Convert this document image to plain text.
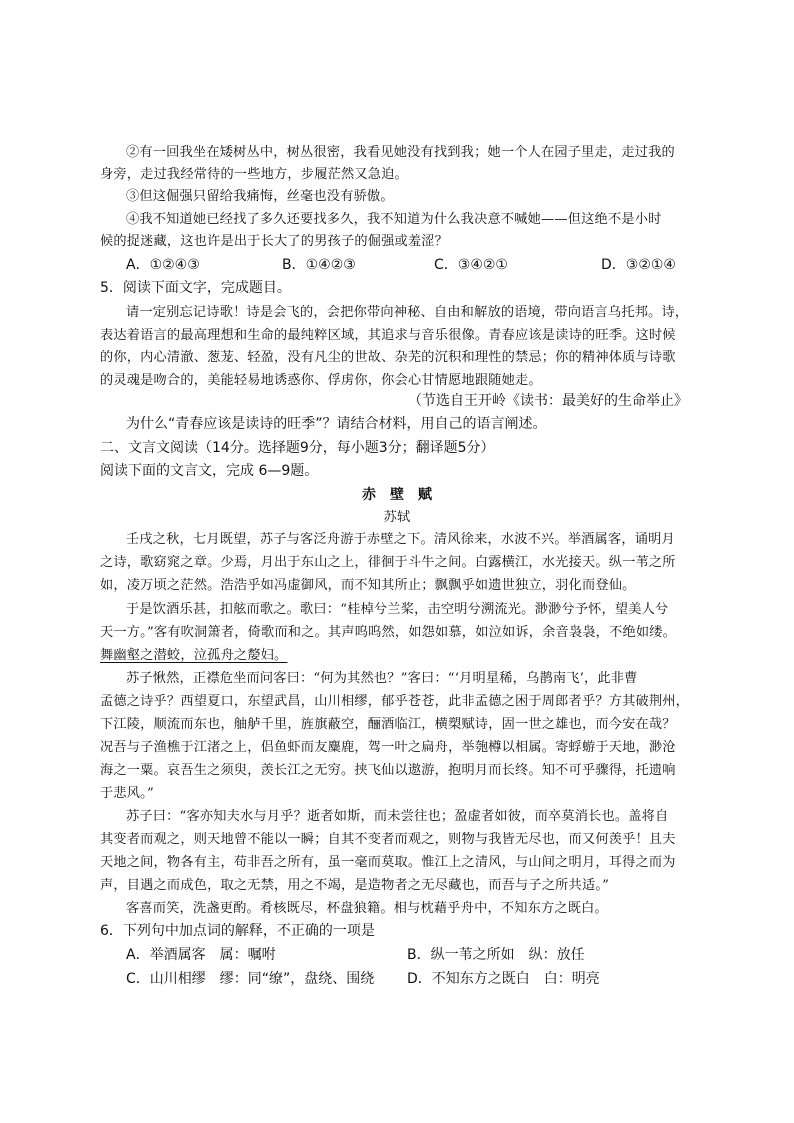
②有一回我坐在矮树丛中，树丛很密，我看见她没有找到我；她一个人在园子里走，走过我的
身旁，走过我经常待的一些地方，步履茫然又急迫。
③但这倔强只留给我痛悔，丝毫也没有骄傲。
④我不知道她已经找了多久还要找多久，我不知道为什么我决意不喊她——但这绝不是小时
候的捉迷藏，这也许是出于长大了的男孩子的倔强或羞涩？
A．①②④③	B．①④②③	C．③④②①	D．③②①④
5．阅读下面文字，完成题目。
请一定别忘记诗歌！诗是会飞的，会把你带向神秘、自由和解放的语境，带向语言乌托邦。诗，
表达着语言的最高理想和生命的最纯粹区域，其追求与音乐很像。青春应该是读诗的旺季。这时候
的你，内心清澈、葱茏、轻盈，没有凡尘的世故、杂芜的沉积和理性的禁忌；你的精神体质与诗歌
的灵魂是吻合的，美能轻易地诱惑你、俘虏你，你会心甘情愿地跟随她走。
（节选自王开岭《读书：最美好的生命举止》
为什么“青春应该是读诗的旺季”？请结合材料，用自己的语言阐述。
二、文言文阅读（14分。选择题9分，每小题3分；翻译题5分）
阅读下面的文言文，完成 6—9题。
赤　壁　赋
苏轼
壬戌之秋，七月既望，苏子与客泛舟游于赤壁之下。清风徐来，水波不兴。举酒属客，诵明月
之诗，歌窈窕之章。少焉，月出于东山之上，徘徊于斗牛之间。白露横江，水光接天。纵一苇之所
如，凌万顷之茫然。浩浩乎如冯虚御风，而不知其所止；飘飘乎如遗世独立，羽化而登仙。
于是饮酒乐甚，扣舷而歌之。歌曰：“桂棹兮兰桨，击空明兮溯流光。渺渺兮予怀，望美人兮
天一方。”客有吹洞箫者，倚歌而和之。其声呜呜然，如怨如慕，如泣如诉，余音袅袅，不绝如缕。
舞幽壑之潜蛟，泣孤舟之嫠妇。
苏子愀然，正襟危坐而问客曰：“何为其然也？”客曰：“‘月明星稀，乌鹊南飞’，此非曹
孟德之诗乎？西望夏口，东望武昌，山川相缪，郁乎苍苍，此非孟德之困于周郎者乎？方其破荆州，
下江陵，顺流而东也，舳舻千里，旌旗蔽空，酾酒临江，横槊赋诗，固一世之雄也，而今安在哉？
况吾与子渔樵于江渚之上，侣鱼虾而友麋鹿，驾一叶之扁舟，举匏樽以相属。寄蜉蝣于天地，渺沧
海之一粟。哀吾生之须臾，羡长江之无穷。挟飞仙以遨游，抱明月而长终。知不可乎骤得，托遗响
于悲风。”
苏子曰：“客亦知夫水与月乎？逝者如斯，而未尝往也；盈虚者如彼，而卒莫消长也。盖将自
其变者而观之，则天地曾不能以一瞬；自其不变者而观之，则物与我皆无尽也，而又何羡乎！且夫
天地之间，物各有主，苟非吾之所有，虽一毫而莫取。惟江上之清风，与山间之明月，耳得之而为
声，目遇之而成色，取之无禁，用之不竭，是造物者之无尽藏也，而吾与子之所共适。”
客喜而笑，洗盏更酌。肴核既尽，杯盘狼籍。相与枕藉乎舟中，不知东方之既白。
6．下列句中加点词的解释，不正确的一项是
A．举酒属客　属：嘱咐	B．纵一苇之所如　纵：放任
C．山川相缪　缪：同“缭”，盘绕、围绕 D．不知东方之既白　白：明亮
